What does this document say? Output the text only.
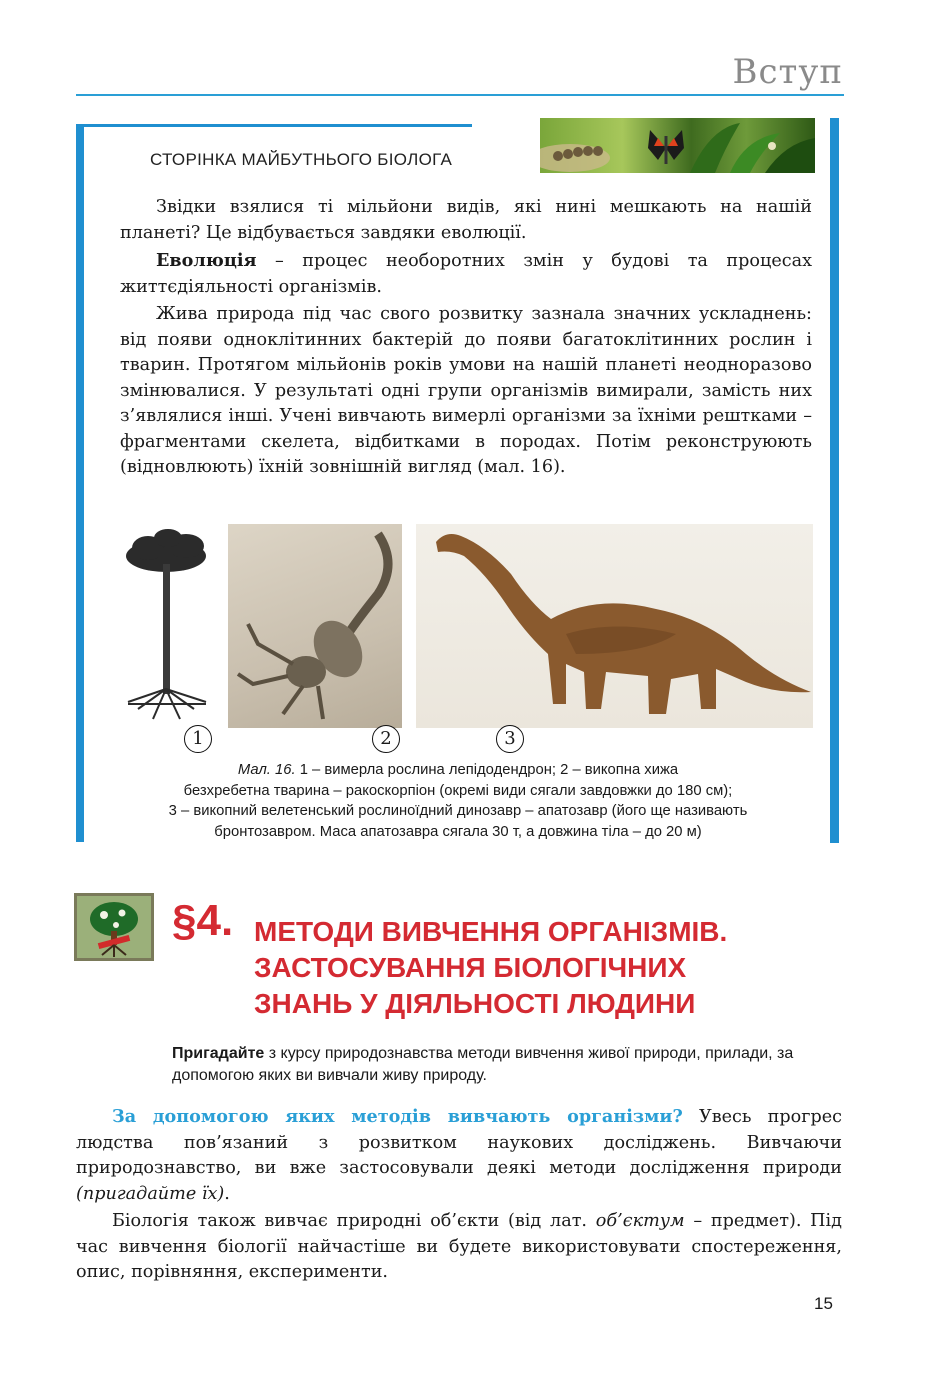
Вступ
СТОРІНКА МАЙБУТНЬОГО БІОЛОГА

Звідки взялися ті мільйони видів, які нині мешкають на нашій планеті? Це відбувається завдяки еволюції.

Еволюція – процес необоротних змін у будові та процесах життєдіяльності організмів.

Жива природа під час свого розвитку зазнала значних ускладнень: від появи одноклітинних бактерій до появи багатоклітинних рослин і тварин. Протягом мільйонів років умови на нашій планеті неодноразово змінювалися. У результаті одні групи організмів вимирали, замість них з’являлися інші. Учені вивчають вимерлі організми за їхніми рештками – фрагментами скелета, відбитками в породах. Потім реконструюють (відновлюють) їхній зовнішній вигляд (мал. 16).

1	2	3
Мал. 16. 1 – вимерла рослина лепідодендрон; 2 – викопна хижа
безхребетна тварина – ракоскорпіон (окремі види сягали завдовжки до 180 см);
3 – викопний велетенський рослиноїдний динозавр – апатозавр (його ще називають
бронтозавром. Маса апатозавра сягала 30 т, а довжина тіла – до 20 м)
§4. МЕТОДИ ВИВЧЕННЯ ОРГАНІЗМІВ.
ЗАСТОСУВАННЯ БІОЛОГІЧНИХ
ЗНАНЬ У ДІЯЛЬНОСТІ ЛЮДИНИ
Пригадайте з курсу природознавства методи вивчення живої природи, прилади, за допомогою яких ви вивчали живу природу.

За допомогою яких методів вивчають організми? Увесь прогрес людства пов’язаний з розвитком наукових досліджень. Вивчаючи природознавство, ви вже застосовували деякі методи дослідження природи (пригадайте їх).

Біологія також вивчає природні об’єкти (від лат. об’єктум – предмет). Під час вивчення біології найчастіше ви будете використовувати спостереження, опис, порівняння, експерименти.

15
